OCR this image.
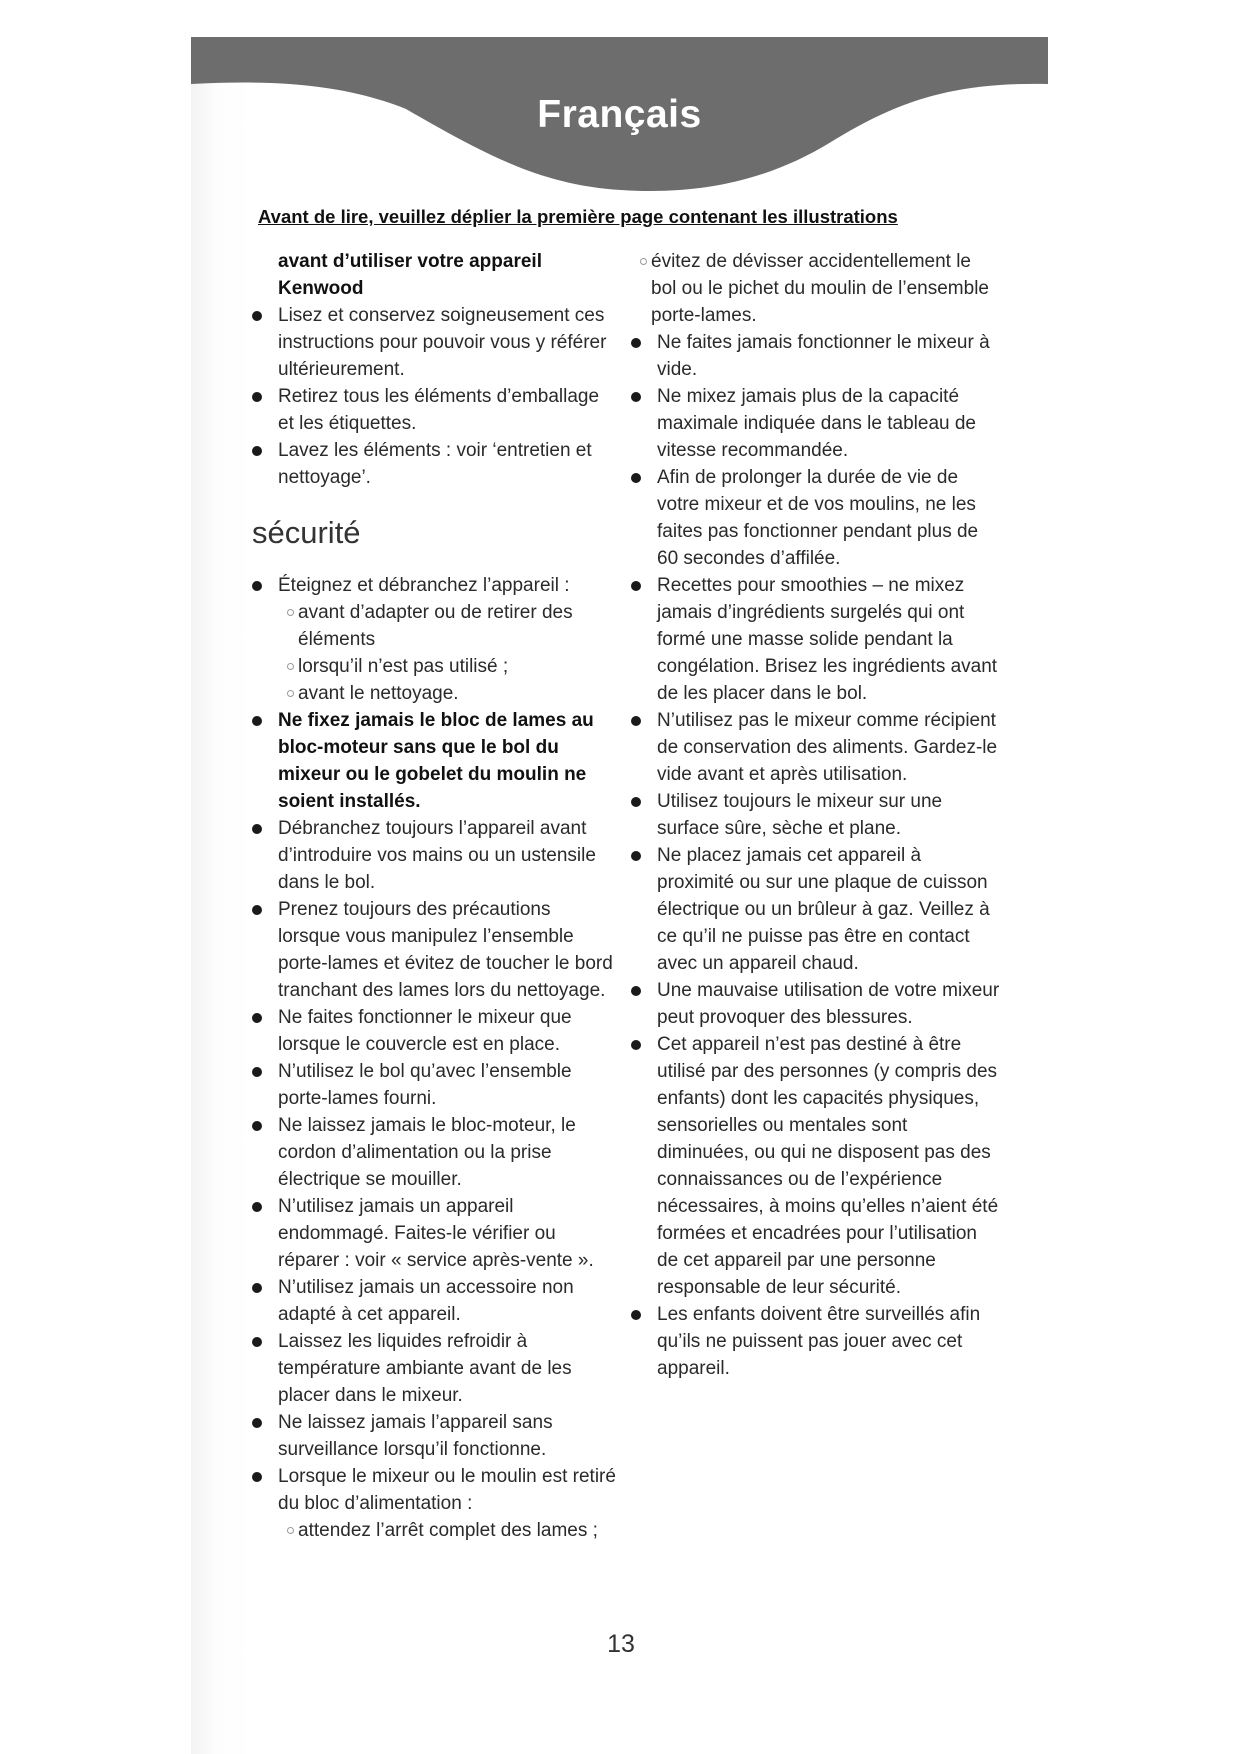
Français
Avant de lire, veuillez déplier la première page contenant les illustrations

avant d’utiliser votre appareil Kenwood

Lisez et conservez soigneusement ces instructions pour pouvoir vous y référer ultérieurement.

Retirez tous les éléments d’emballage et les étiquettes.

Lavez les éléments : voir ‘entretien et nettoyage’.

sécurité

Éteignez et débranchez l’appareil :

avant d’adapter ou de retirer des éléments

lorsqu’il n’est pas utilisé ;

avant le nettoyage.

Ne fixez jamais le bloc de lames au bloc-moteur sans que le bol du mixeur ou le gobelet du moulin ne soient installés.

Débranchez toujours l’appareil avant d’introduire vos mains ou un ustensile dans le bol.

Prenez toujours des précautions lorsque vous manipulez l’ensemble porte-lames et évitez de toucher le bord tranchant des lames lors du nettoyage.

Ne faites fonctionner le mixeur que lorsque le couvercle est en place.

N’utilisez le bol qu’avec l’ensemble porte-lames fourni.

Ne laissez jamais le bloc-moteur, le cordon d’alimentation ou la prise électrique se mouiller.

N’utilisez jamais un appareil endommagé. Faites-le vérifier ou réparer : voir « service après-vente ».

N’utilisez jamais un accessoire non adapté à cet appareil.

Laissez les liquides refroidir à température ambiante avant de les placer dans le mixeur.

Ne laissez jamais l’appareil sans surveillance lorsqu’il fonctionne.

Lorsque le mixeur ou le moulin est retiré du bloc d’alimentation :

attendez l’arrêt complet des lames ;

évitez de dévisser accidentellement le bol ou le pichet du moulin de l’ensemble porte-lames.

Ne faites jamais fonctionner le mixeur à vide.

Ne mixez jamais plus de la capacité maximale indiquée dans le tableau de vitesse recommandée.

Afin de prolonger la durée de vie de votre mixeur et de vos moulins, ne les faites pas fonctionner pendant plus de 60 secondes d’affilée.

Recettes pour smoothies – ne mixez jamais d’ingrédients surgelés qui ont formé une masse solide pendant la congélation. Brisez les ingrédients avant de les placer dans le bol.

N’utilisez pas le mixeur comme récipient de conservation des aliments. Gardez-le vide avant et après utilisation.

Utilisez toujours le mixeur sur une surface sûre, sèche et plane.

Ne placez jamais cet appareil à proximité ou sur une plaque de cuisson électrique ou un brûleur à gaz. Veillez à ce qu’il ne puisse pas être en contact avec un appareil chaud.

Une mauvaise utilisation de votre mixeur peut provoquer des blessures.

Cet appareil n’est pas destiné à être utilisé par des personnes (y compris des enfants) dont les capacités physiques, sensorielles ou mentales sont diminuées, ou qui ne disposent pas des connaissances ou de l’expérience nécessaires, à moins qu’elles n’aient été formées et encadrées pour l’utilisation de cet appareil par une personne responsable de leur sécurité.

Les enfants doivent être surveillés afin qu’ils ne puissent pas jouer avec cet appareil.

13
